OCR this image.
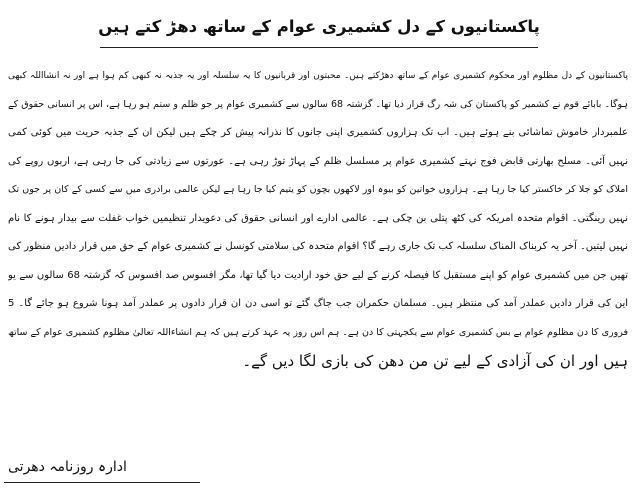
پاکستانیوں کے دل کشمیری عوام کے ساتھ دھڑ کتے ہیں
پاکستانیوں کے دل مظلوم اور محکوم کشمیری عوام کے ساتھ دھڑکتے ہیں۔ محبتوں اور قربانیوں کا یہ سلسلہ اور یہ جذبہ نہ کبھی کم ہوا ہے اور نہ انشااللہ کبھی
ہوگا۔ بابائے قوم نے کشمیر کو پاکستان کی شہ رگ قرار دیا تھا۔ گزشتہ 68 سالوں سے کشمیری عوام پر جو ظلم و ستم ہو رہا ہے، اس پر انسانی حقوق کے
علمبردار خاموش تماشائی بنے ہوئے ہیں۔ اب تک ہزاروں کشمیری اپنی جانوں کا نذرانہ پیش کر چکے ہیں لیکن ان کے جذبہ حریت میں کوئی کمی
نہیں آئی۔ مسلح بھارتی قابض فوج نہتے کشمیری عوام پر مسلسل ظلم کے پہاڑ توڑ رہی ہے۔ عورتوں سے زیادتی کی جا رہی ہے، اربوں روپے کی
املاک کو جلا کر خاکستر کیا جا رہا ہے۔ ہزاروں خواتین کو بیوہ اور لاکھوں بچوں کو یتیم کیا جا رہا ہے لیکن عالمی برادری میں سے کسی کے کان پر جوں تک
نہیں رینگتی۔ اقوام متحدہ امریکہ کی کٹھ پتلی بن چکی ہے۔ عالمی ادارے اور انسانی حقوق کی دعویدار تنظیمیں خواب غفلت سے بیدار ہونے کا نام
نہیں لیتیں۔ آخر یہ کربناک المناک سلسلہ کب تک جاری رہے گا؟ اقوام متحدہ کی سلامتی کونسل نے کشمیری عوام کے حق میں قرار دادیں منظور کی
تھیں جن میں کشمیری عوام کو اپنے مستقبل کا فیصلہ کرنے کے لیے حق خود ارادیت دیا گیا تھا، مگر افسوس صد افسوس کہ گزشتہ 68 سالوں سے یو
این کی قرار دادیں عملدر آمد کی منتظر ہیں۔ مسلمان حکمران جب جاگ گئے تو اسی دن ان قرار دادوں پر عملدر آمد ہونا شروع ہو جائے گا۔ 5
فروری کا دن مظلوم عوام بے بس کشمیری عوام سے یکجہتی کا دن ہے۔ ہم اس روز یہ عہد کرتے ہیں کہ ہم انشاءاللہ تعالیٰ مظلوم کشمیری عوام کے ساتھ
ہیں اور ان کی آزادی کے لیے تن من دھن کی بازی لگا دیں گے۔
ادارہ روزنامہ دھرتی
